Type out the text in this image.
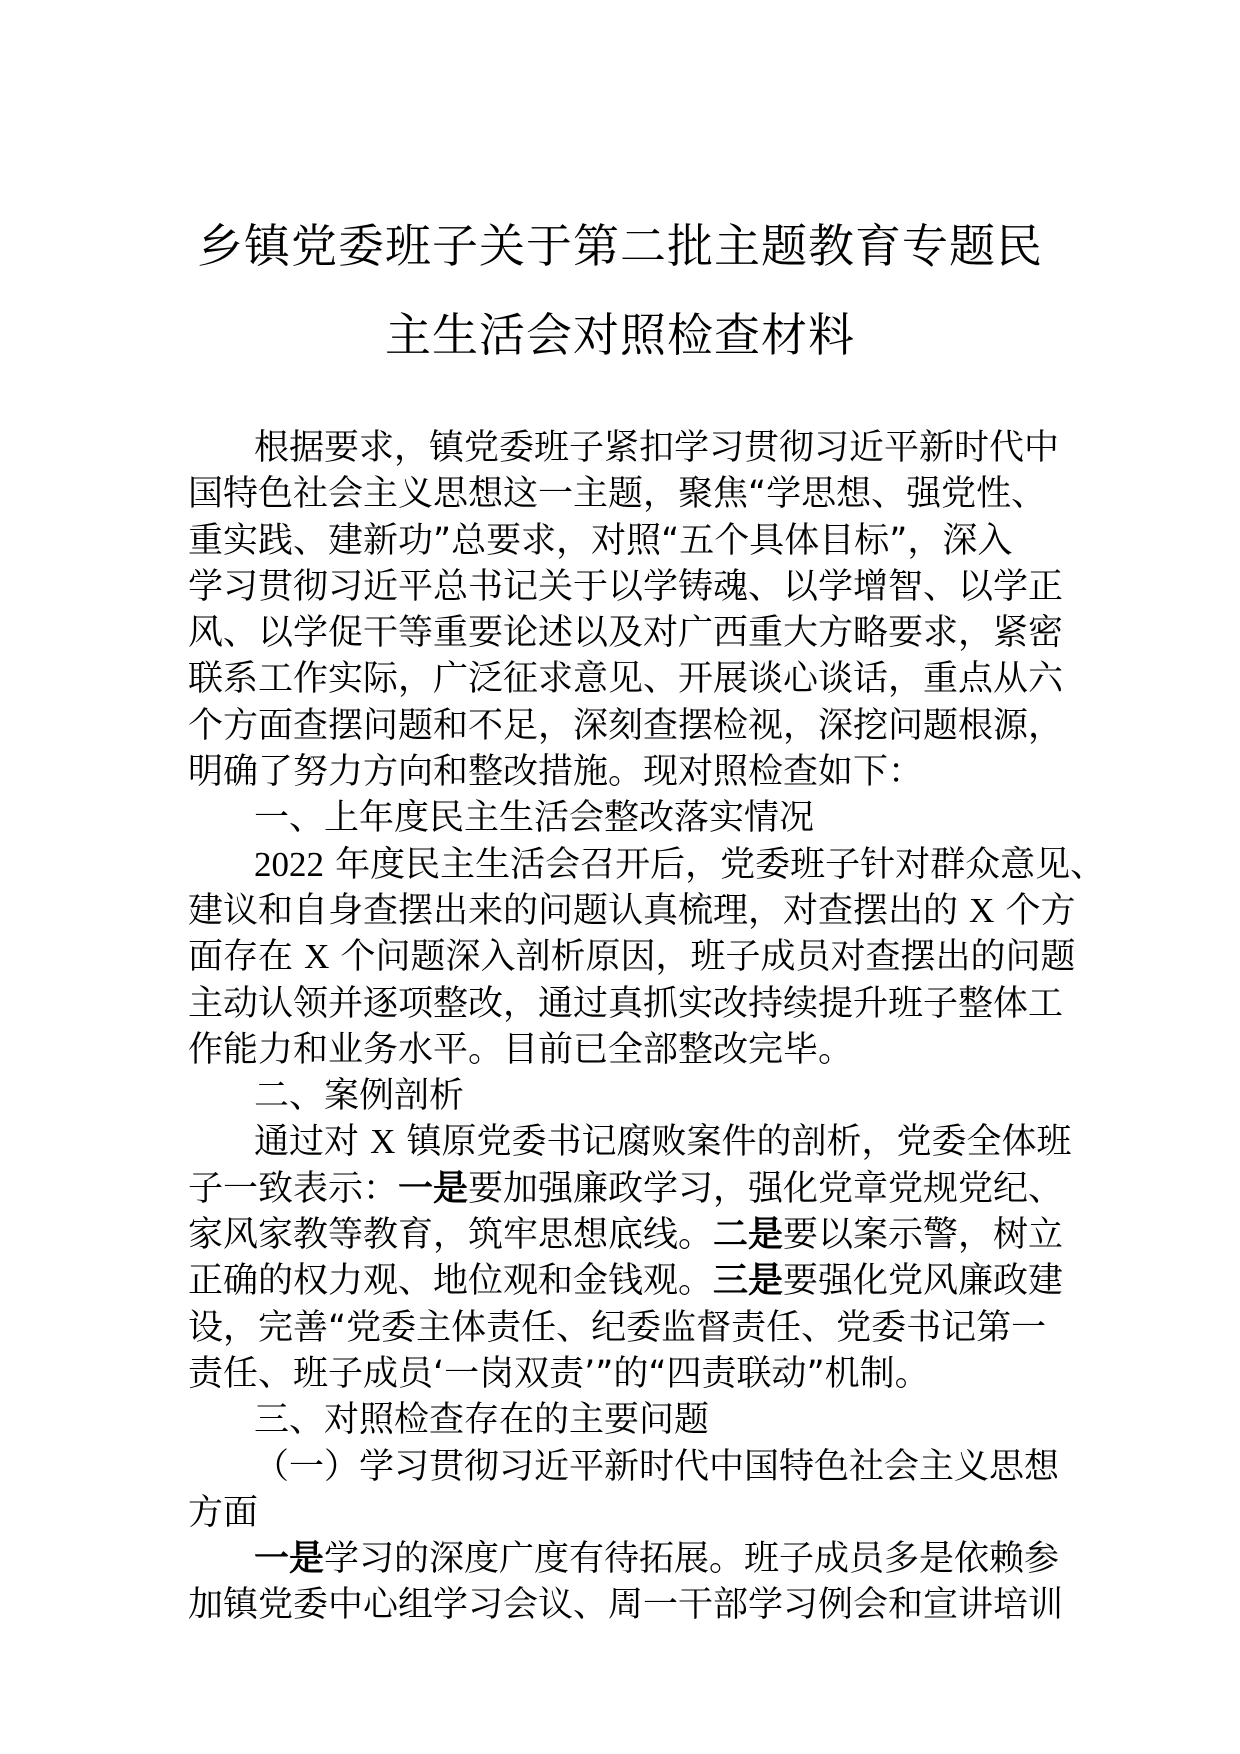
乡镇党委班子关于第二批主题教育专题民
主生活会对照检查材料
根据要求，镇党委班子紧扣学习贯彻习近平新时代中
国特色社会主义思想这一主题，聚焦“学思想、强党性、
重实践、建新功”总要求，对照“五个具体目标”，深入
学习贯彻习近平总书记关于以学铸魂、以学增智、以学正
风、以学促干等重要论述以及对广西重大方略要求，紧密
联系工作实际，广泛征求意见、开展谈心谈话，重点从六
个方面查摆问题和不足，深刻查摆检视，深挖问题根源，
明确了努力方向和整改措施。现对照检查如下：
一、上年度民主生活会整改落实情况
2022 年度民主生活会召开后，党委班子针对群众意见、
建议和自身查摆出来的问题认真梳理，对查摆出的 X 个方
面存在 X 个问题深入剖析原因，班子成员对查摆出的问题
主动认领并逐项整改，通过真抓实改持续提升班子整体工
作能力和业务水平。目前已全部整改完毕。
二、案例剖析
通过对 X 镇原党委书记腐败案件的剖析，党委全体班
子一致表示：一是要加强廉政学习，强化党章党规党纪、
家风家教等教育，筑牢思想底线。二是要以案示警，树立
正确的权力观、地位观和金钱观。三是要强化党风廉政建
设，完善“党委主体责任、纪委监督责任、党委书记第一
责任、班子成员‘一岗双责’”的“四责联动”机制。
三、对照检查存在的主要问题
（一）学习贯彻习近平新时代中国特色社会主义思想
方面
一是学习的深度广度有待拓展。班子成员多是依赖参
加镇党委中心组学习会议、周一干部学习例会和宣讲培训
